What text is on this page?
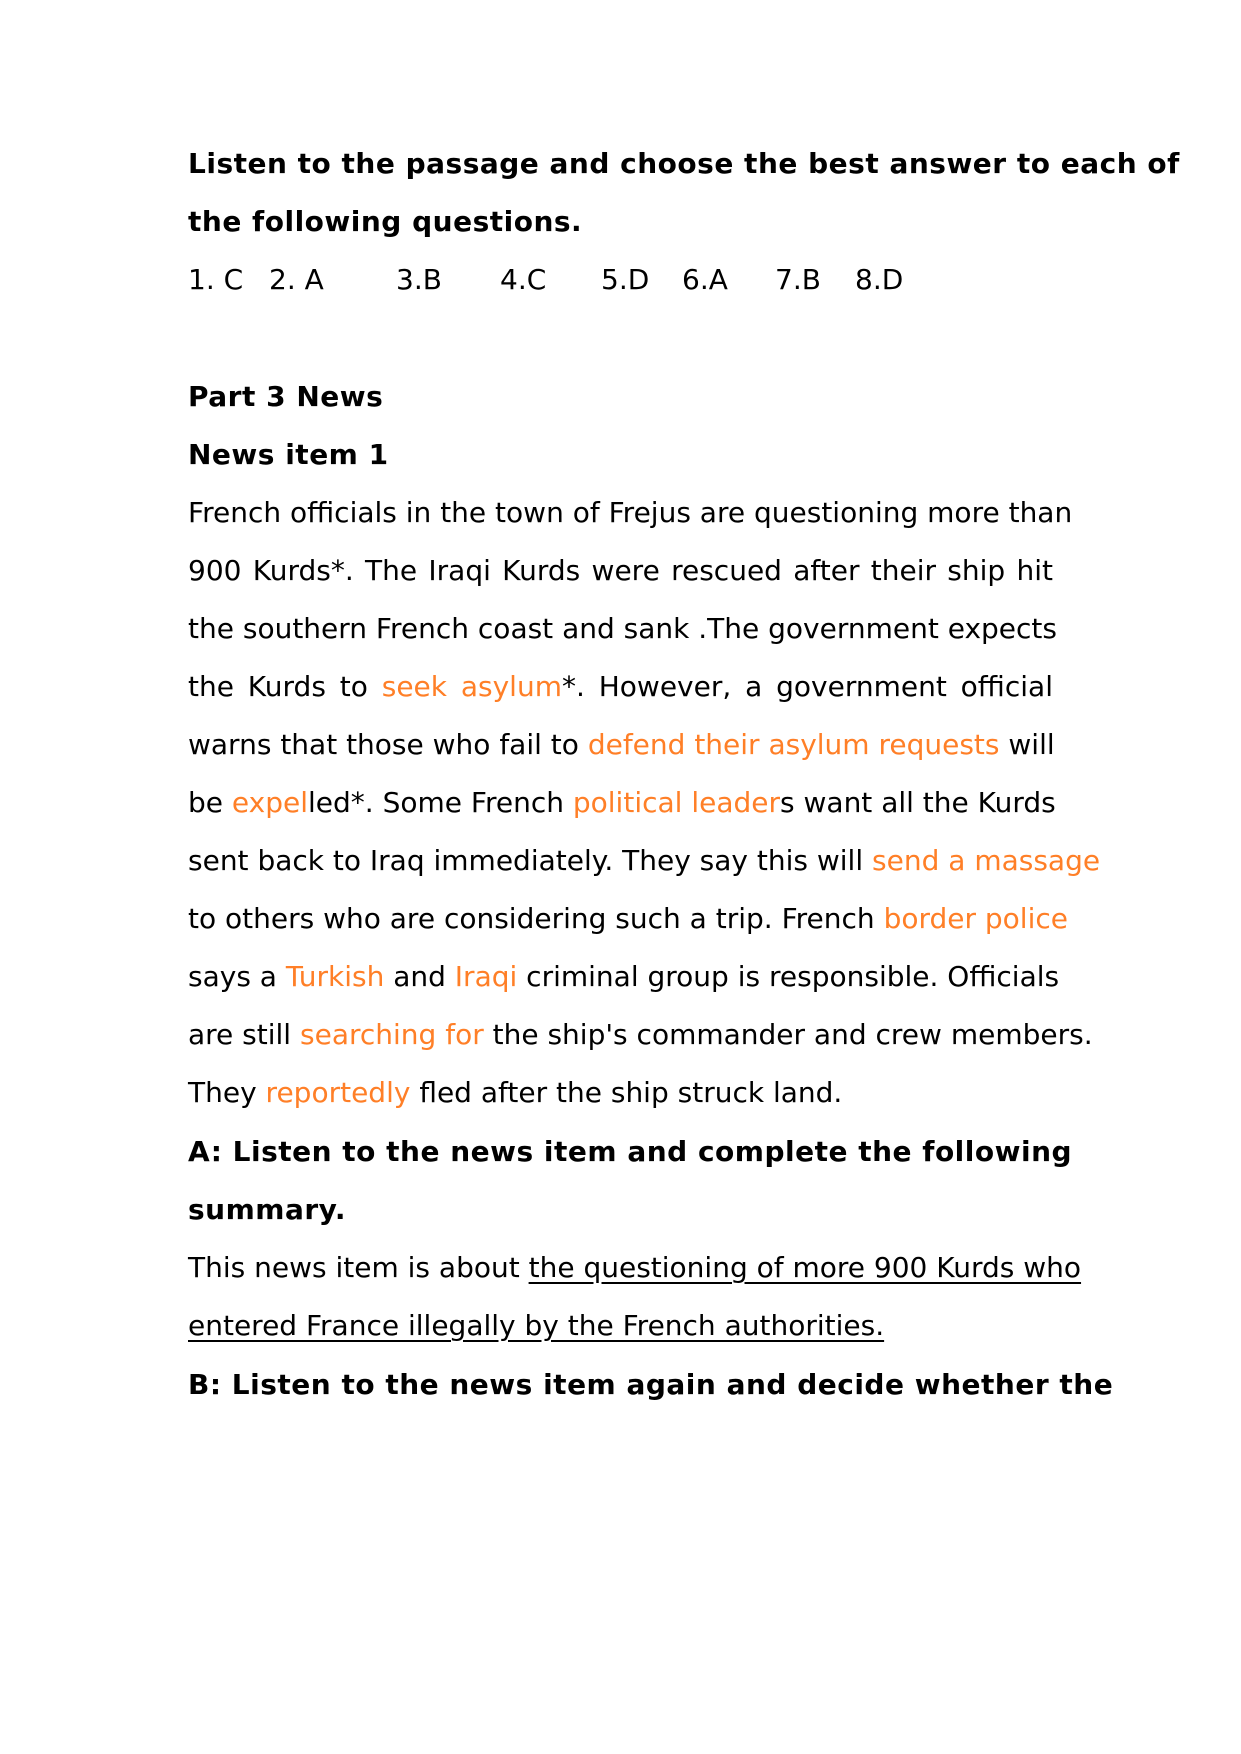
Listen to the passage and choose the best answer to each of
the following questions.
1. C 2. A	3.B 4.C 5.D 6.A 7.B 8.D
Part 3 News
News item 1
French officials in the town of Frejus are questioning more than
900 Kurds*. The Iraqi Kurds were rescued after their ship hit
the southern French coast and sank .The government expects
the Kurds to seek asylum*. However, a government official
warns that those who fail to defend their asylum requests will
be expelled*. Some French political leaders want all the Kurds
sent back to Iraq immediately. They say this will send a massage
to others who are considering such a trip. French border police
says a Turkish and Iraqi criminal group is responsible. Officials
are still searching for the ship's commander and crew members.
They reportedly fled after the ship struck land.
A: Listen to the news item and complete the following
summary.
This news item is about the questioning of more 900 Kurds who
entered France illegally by the French authorities.
B: Listen to the news item again and decide whether the
